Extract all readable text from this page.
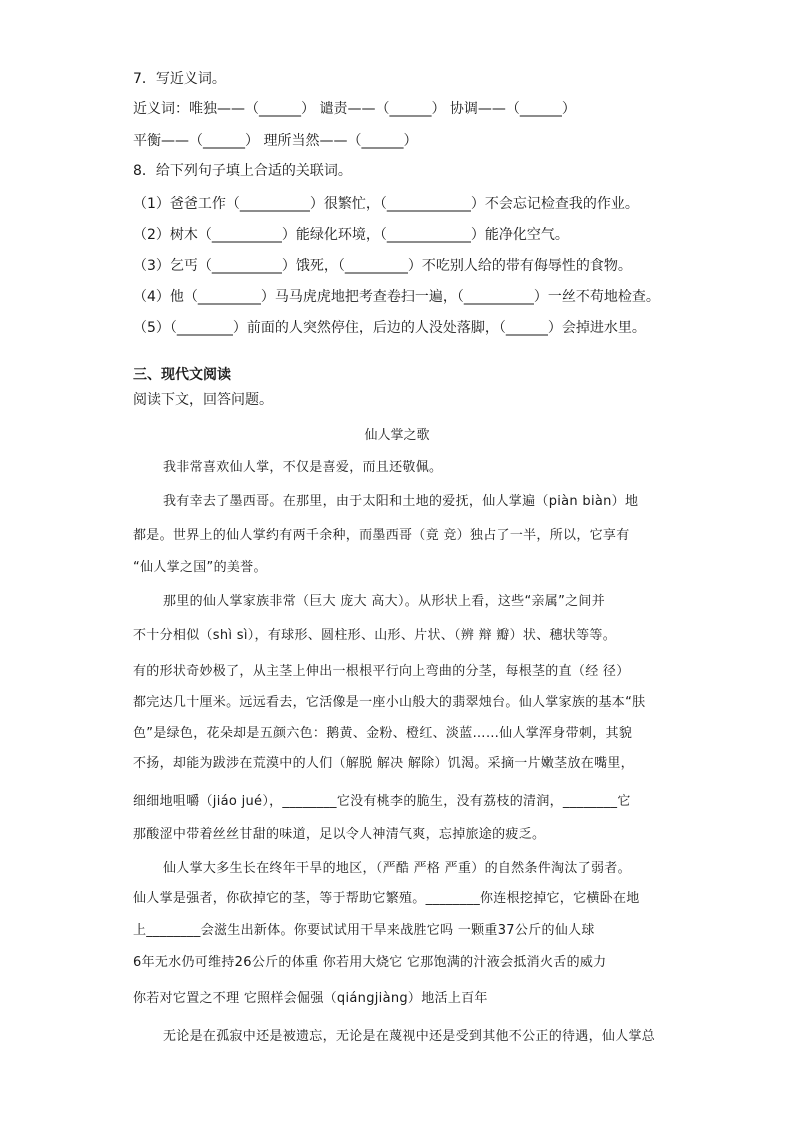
7．写近义词。
近义词：唯独——（______） 谴责——（______） 协调——（______）
平衡——（______） 理所当然——（______）
8．给下列句子填上合适的关联词。
（1）爸爸工作（__________）很繁忙，（____________）不会忘记检查我的作业。
（2）树木（__________）能绿化环境，（____________）能净化空气。
（3）乞丐（__________）饿死，（_________）不吃别人给的带有侮辱性的食物。
（4）他（_________）马马虎虎地把考查卷扫一遍，（__________）一丝不苟地检查。
（5）（________）前面的人突然停住，后边的人没处落脚，（______）会掉进水里。
三、现代文阅读
阅读下文，回答问题。
仙人掌之歌
我非常喜欢仙人掌，不仅是喜爱，而且还敬佩。
我有幸去了墨西哥。在那里，由于太阳和土地的爱抚，仙人掌遍（piàn biàn）地
都是。世界上的仙人掌约有两千余种，而墨西哥（竟 竞）独占了一半，所以，它享有
“仙人掌之国”的美誉。
那里的仙人掌家族非常（巨大 庞大 高大）。从形状上看，这些“亲属”之间并
不十分相似（shì sì），有球形、圆柱形、山形、片状、（辨 辩 瓣）状、穗状等等。
有的形状奇妙极了，从主茎上伸出一根根平行向上弯曲的分茎，每根茎的直（经 径）
都完达几十厘米。远远看去，它活像是一座小山般大的翡翠烛台。仙人掌家族的基本“肤
色”是绿色，花朵却是五颜六色：鹅黄、金粉、橙红、淡蓝……仙人掌浑身带刺，其貌
不扬，却能为跋涉在荒漠中的人们（解脱 解决 解除）饥渴。采摘一片嫩茎放在嘴里，
细细地咀嚼（jiáo jué），________它没有桃李的脆生，没有荔枝的清润，________它
那酸涩中带着丝丝甘甜的味道，足以令人神清气爽，忘掉旅途的疲乏。
仙人掌大多生长在终年干旱的地区，（严酷 严格 严重）的自然条件淘汰了弱者。
仙人掌是强者，你砍掉它的茎，等于帮助它繁殖。________你连根挖掉它，它横卧在地
上________会滋生出新体。你要试试用干旱来战胜它吗 一颗重37公斤的仙人球
6年无水仍可维持26公斤的体重 你若用大烧它 它那饱满的汁液会抵消火舌的威力
你若对它置之不理 它照样会倔强（qiángjiàng）地活上百年
无论是在孤寂中还是被遗忘，无论是在蔑视中还是受到其他不公正的待遇，仙人掌总
